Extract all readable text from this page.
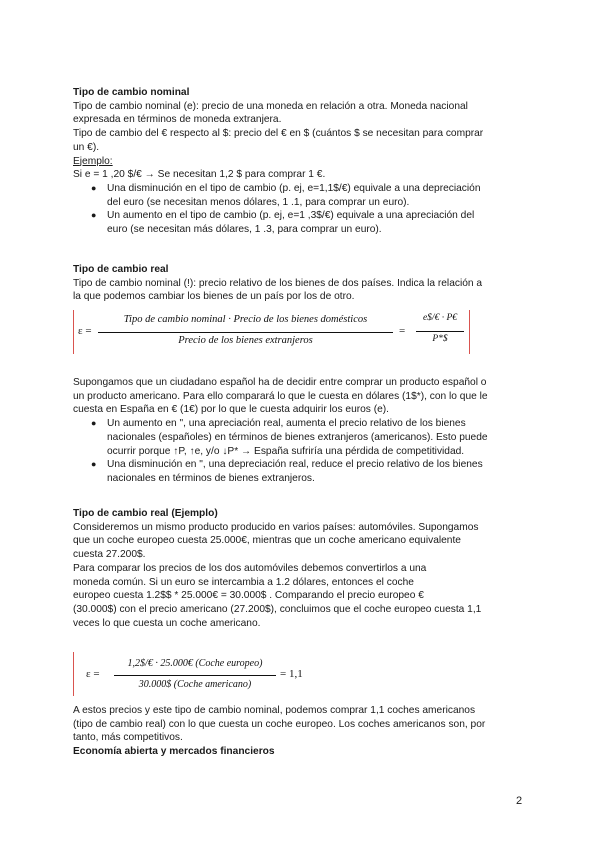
Tipo de cambio nominal

Tipo de cambio nominal (e): precio de una moneda en relación a otra. Moneda nacional

expresada en términos de moneda extranjera.

Tipo de cambio del € respecto al $: precio del € en $ (cuántos $ se necesitan para comprar

un €).

Ejemplo:

Si e = 1 ,20 $/€ → Se necesitan 1,2 $ para comprar 1 €.

● Una disminución en el tipo de cambio (p. ej, e=1,1$/€) equivale a una depreciación
del euro (se necesitan menos dólares, 1 .1, para comprar un euro).
● Un aumento en el tipo de cambio (p. ej, e=1 ,3$/€) equivale a una apreciación del
euro (se necesitan más dólares, 1 .3, para comprar un euro).

Tipo de cambio real

Tipo de cambio nominal (!): precio relativo de los bienes de dos países. Indica la relación a

la que podemos cambiar los bienes de un país por los de otro.

ε =
Tipo de cambio nominal · Precio de los bienes domésticos
Precio de los bienes extranjeros
=
e$/€ · P€
P*$

Supongamos que un ciudadano español ha de decidir entre comprar un producto español o

un producto americano. Para ello comparará lo que le cuesta en dólares (1$*), con lo que le

cuesta en España en € (1€) por lo que le cuesta adquirir los euros (e).

● Un aumento en ", una apreciación real, aumenta el precio relativo de los bienes
nacionales (españoles) en términos de bienes extranjeros (americanos). Esto puede
ocurrir porque ↑P, ↑e, y/o ↓P* → España sufriría una pérdida de competitividad.
● Una disminución en ", una depreciación real, reduce el precio relativo de los bienes
nacionales en términos de bienes extranjeros.

Tipo de cambio real (Ejemplo)

Consideremos un mismo producto producido en varios países: automóviles. Supongamos

que un coche europeo cuesta 25.000€, mientras que un coche americano equivalente

cuesta 27.200$.

Para comparar los precios de los dos automóviles debemos convertirlos a una

moneda común. Si un euro se intercambia a 1.2 dólares, entonces el coche

europeo cuesta 1.2$$ * 25.000€ = 30.000$ . Comparando el precio europeo €

(30.000$) con el precio americano (27.200$), concluimos que el coche europeo cuesta 1,1

veces lo que cuesta un coche americano.

ε =
1,2$/€ · 25.000€ (Coche europeo)
30.000$ (Coche americano)
= 1,1

A estos precios y este tipo de cambio nominal, podemos comprar 1,1 coches americanos

(tipo de cambio real) con lo que cuesta un coche europeo. Los coches americanos son, por

tanto, más competitivos.

Economía abierta y mercados financieros

2
